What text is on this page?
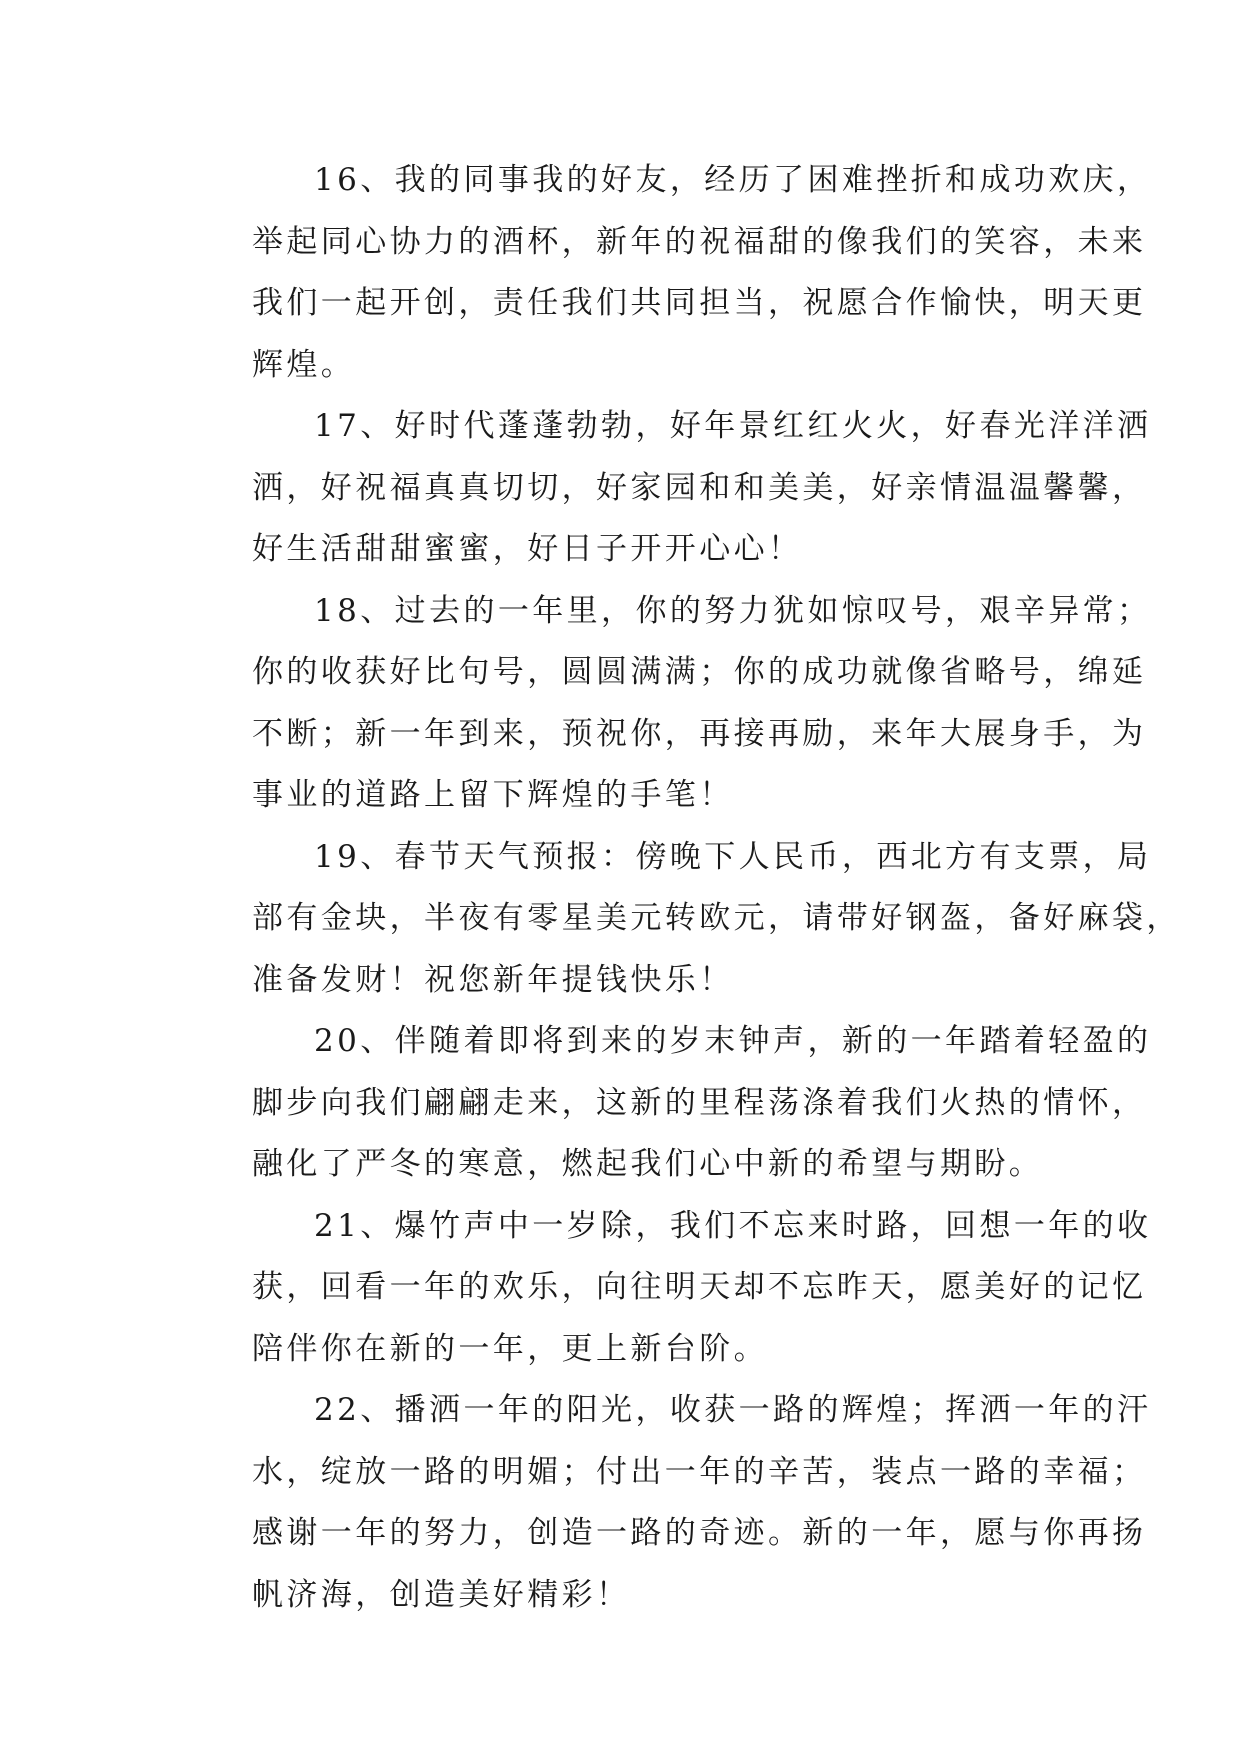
16、我的同事我的好友，经历了困难挫折和成功欢庆，
举起同心协力的酒杯，新年的祝福甜的像我们的笑容，未来
我们一起开创，责任我们共同担当，祝愿合作愉快，明天更
辉煌。
17、好时代蓬蓬勃勃，好年景红红火火，好春光洋洋洒
洒，好祝福真真切切，好家园和和美美，好亲情温温馨馨，
好生活甜甜蜜蜜，好日子开开心心！
18、过去的一年里，你的努力犹如惊叹号，艰辛异常；
你的收获好比句号，圆圆满满；你的成功就像省略号，绵延
不断；新一年到来，预祝你，再接再励，来年大展身手，为
事业的道路上留下辉煌的手笔！
19、春节天气预报：傍晚下人民币，西北方有支票，局
部有金块，半夜有零星美元转欧元，请带好钢盔，备好麻袋，
准备发财！祝您新年提钱快乐！
20、伴随着即将到来的岁末钟声，新的一年踏着轻盈的
脚步向我们翩翩走来，这新的里程荡涤着我们火热的情怀，
融化了严冬的寒意，燃起我们心中新的希望与期盼。
21、爆竹声中一岁除，我们不忘来时路，回想一年的收
获，回看一年的欢乐，向往明天却不忘昨天，愿美好的记忆
陪伴你在新的一年，更上新台阶。
22、播洒一年的阳光，收获一路的辉煌；挥洒一年的汗
水，绽放一路的明媚；付出一年的辛苦，装点一路的幸福；
感谢一年的努力，创造一路的奇迹。新的一年，愿与你再扬
帆济海，创造美好精彩！
